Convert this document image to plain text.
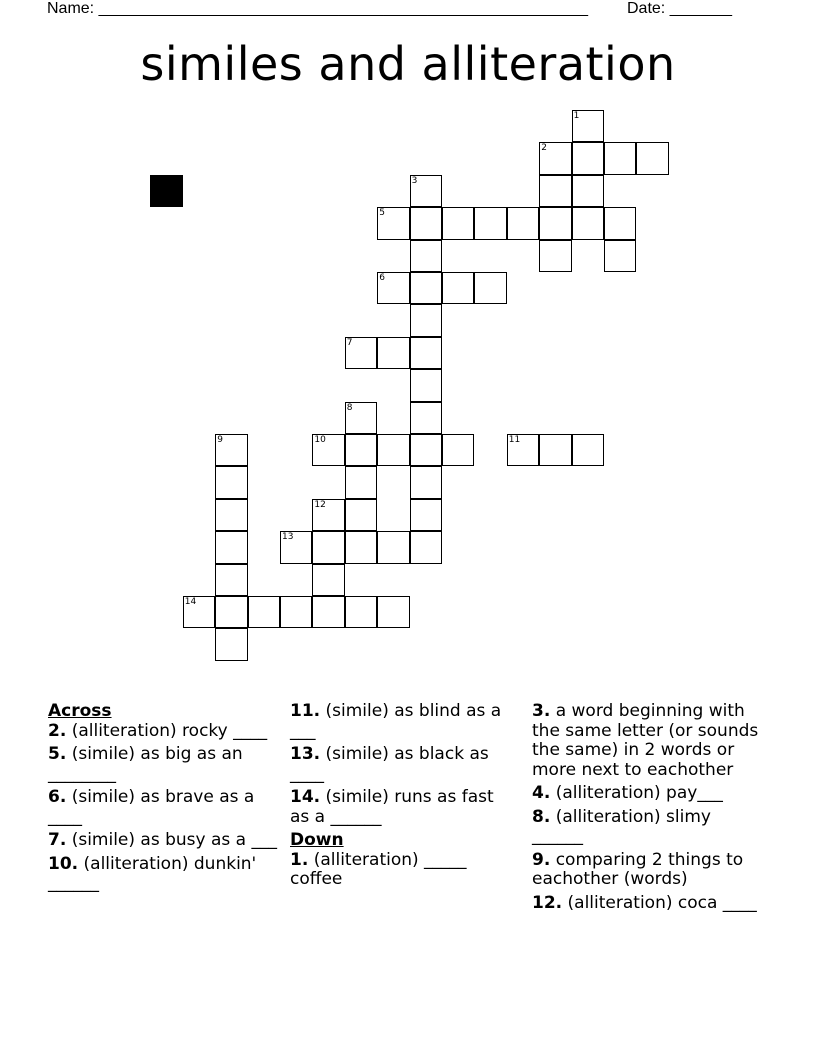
Name: _______________________________________________________ Date: _______
similes and alliteration
1
2
3
5
6
7
8
9	10	11
12
13
14
Across
2. (alliteration) rocky ____
5. (simile) as big as an ________
6. (simile) as brave as a ____
7. (simile) as busy as a ___
10. (alliteration) dunkin' ______
11. (simile) as blind as a ___
13. (simile) as black as ____
14. (simile) runs as fast as a ______
Down
1. (alliteration) _____ coffee
3. a word beginning with the same letter (or sounds the same) in 2 words or more next to eachother
4. (alliteration) pay___
8. (alliteration) slimy ______
9. comparing 2 things to eachother (words)
12. (alliteration) coca ____
